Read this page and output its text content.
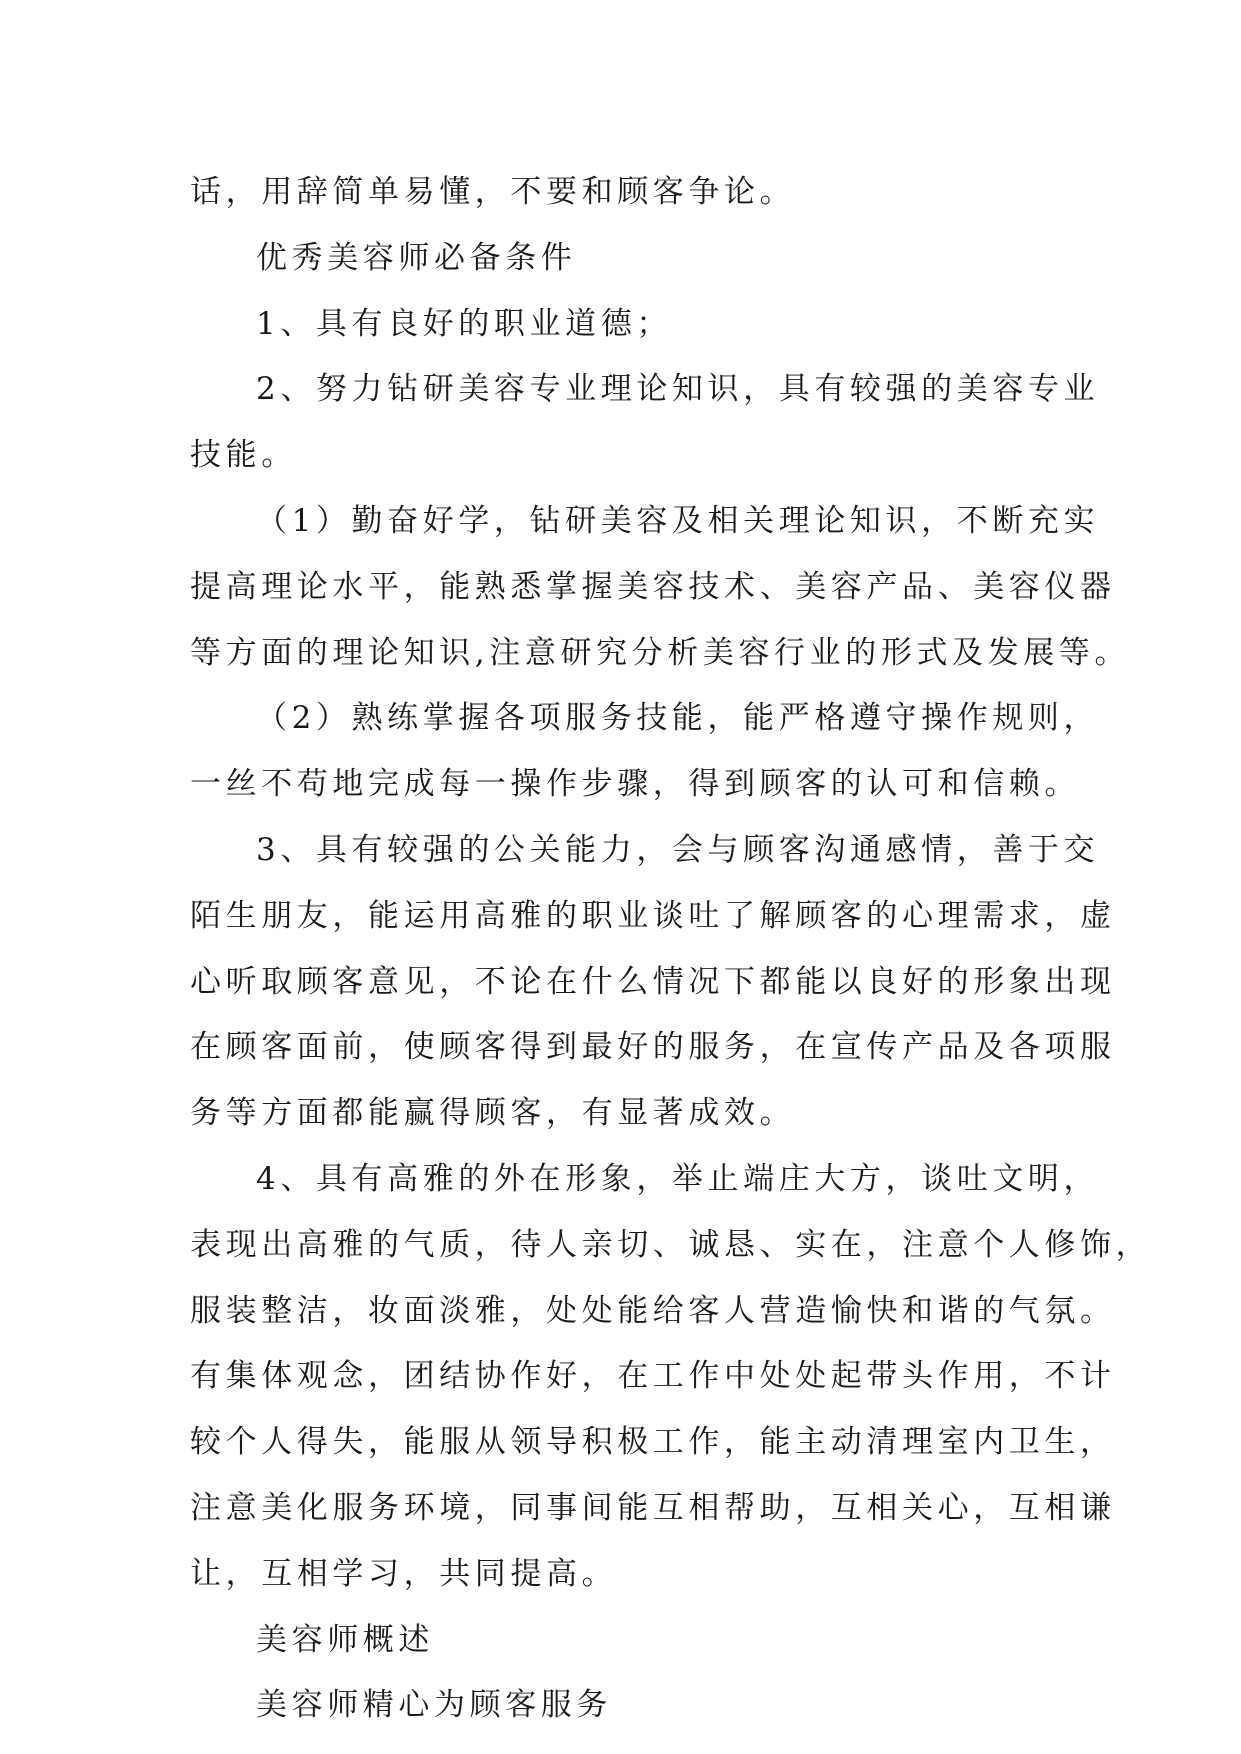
话，用辞简单易懂，不要和顾客争论。
优秀美容师必备条件
1、具有良好的职业道德；
2、努力钻研美容专业理论知识，具有较强的美容专业
技能。
（1）勤奋好学，钻研美容及相关理论知识，不断充实
提高理论水平，能熟悉掌握美容技术、美容产品、美容仪器
等方面的理论知识,注意研究分析美容行业的形式及发展等。
（2）熟练掌握各项服务技能，能严格遵守操作规则，
一丝不苟地完成每一操作步骤，得到顾客的认可和信赖。
3、具有较强的公关能力，会与顾客沟通感情，善于交
陌生朋友，能运用高雅的职业谈吐了解顾客的心理需求，虚
心听取顾客意见，不论在什么情况下都能以良好的形象出现
在顾客面前，使顾客得到最好的服务，在宣传产品及各项服
务等方面都能赢得顾客，有显著成效。
4、具有高雅的外在形象，举止端庄大方，谈吐文明，
表现出高雅的气质，待人亲切、诚恳、实在，注意个人修饰，
服装整洁，妆面淡雅，处处能给客人营造愉快和谐的气氛。
有集体观念，团结协作好，在工作中处处起带头作用，不计
较个人得失，能服从领导积极工作，能主动清理室内卫生，
注意美化服务环境，同事间能互相帮助，互相关心，互相谦
让，互相学习，共同提高。
美容师概述
美容师精心为顾客服务
